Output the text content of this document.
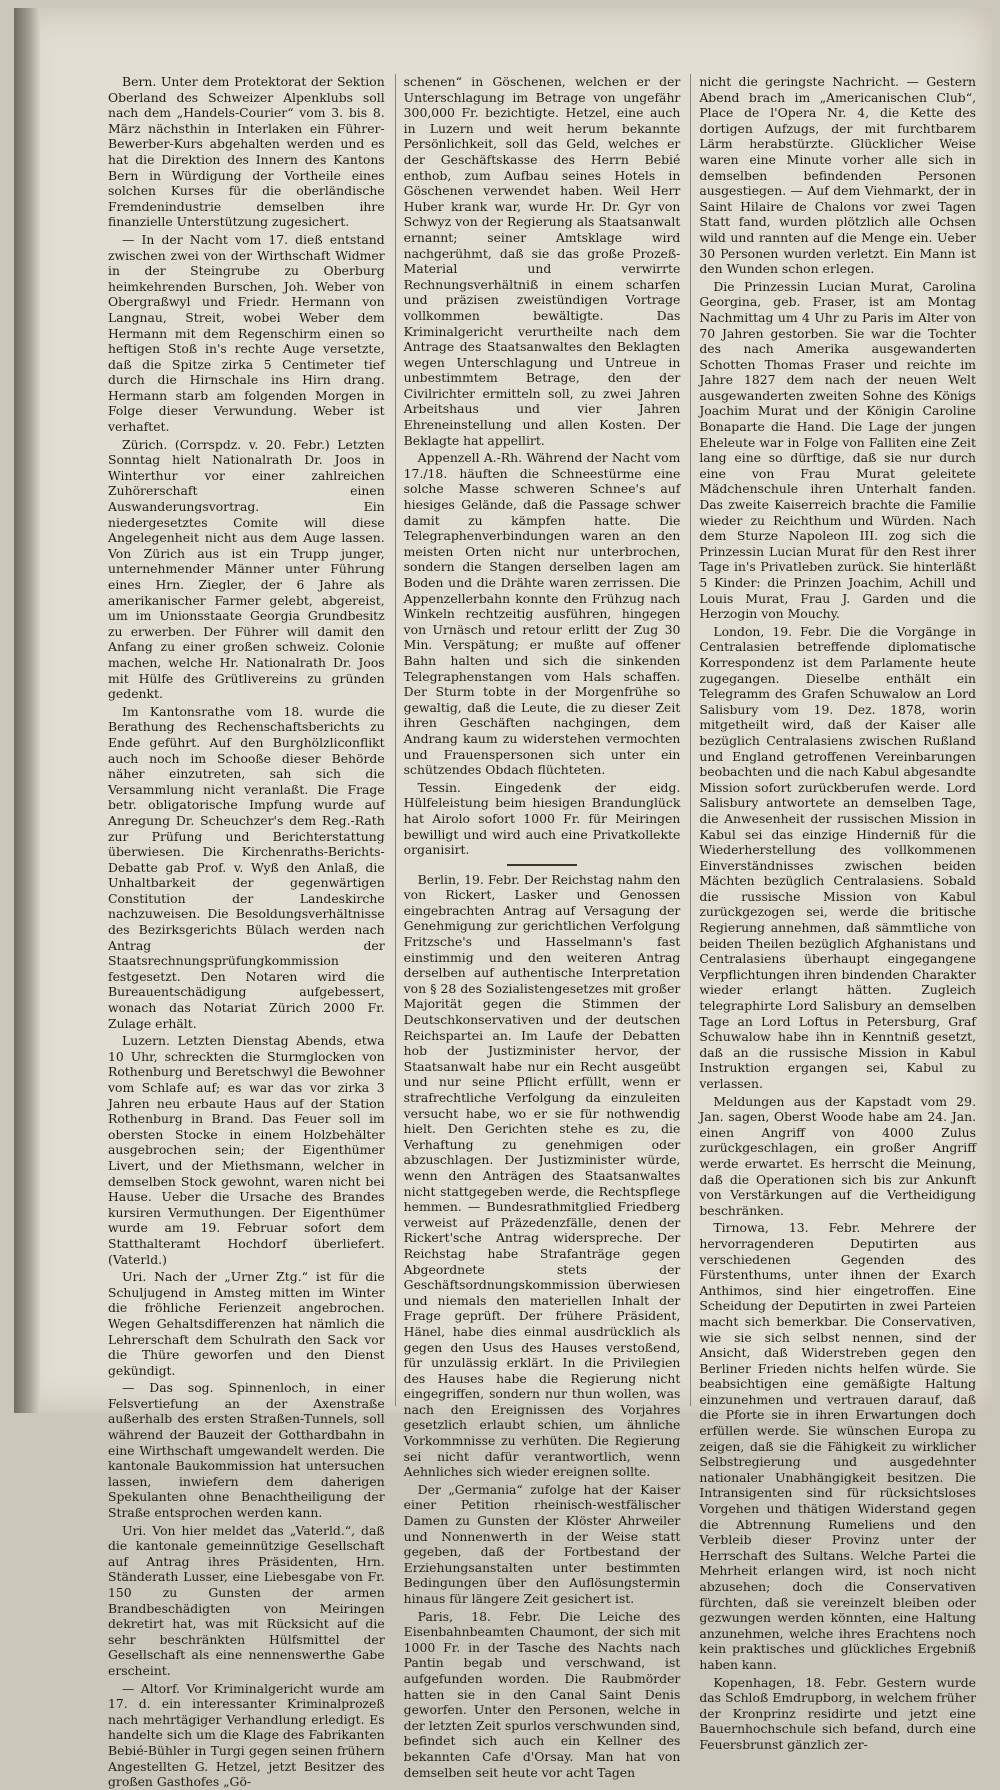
Bern. Unter dem Protektorat der Sektion Oberland des Schweizer Alpenklubs soll nach dem „Handels-Courier“ vom 3. bis 8. März nächsthin in Interlaken ein Führer-Bewerber-Kurs abgehalten werden und es hat die Direktion des Innern des Kantons Bern in Würdigung der Vortheile eines solchen Kurses für die oberländische Fremdenindustrie demselben ihre finanzielle Unterstützung zugesichert.

— In der Nacht vom 17. dieß entstand zwischen zwei von der Wirthschaft Widmer in der Steingrube zu Oberburg heimkehrenden Burschen, Joh. Weber von Obergraßwyl und Friedr. Hermann von Langnau, Streit, wobei Weber dem Hermann mit dem Regenschirm einen so heftigen Stoß in's rechte Auge versetzte, daß die Spitze zirka 5 Centimeter tief durch die Hirnschale ins Hirn drang. Hermann starb am folgenden Morgen in Folge dieser Verwundung. Weber ist verhaftet.

Zürich. (Corrspdz. v. 20. Febr.) Letzten Sonntag hielt Nationalrath Dr. Joos in Winterthur vor einer zahlreichen Zuhörerschaft einen Auswanderungsvortrag. Ein niedergesetztes Comite will diese Angelegenheit nicht aus dem Auge lassen. Von Zürich aus ist ein Trupp junger, unternehmender Männer unter Führung eines Hrn. Ziegler, der 6 Jahre als amerikanischer Farmer gelebt, abgereist, um im Unionsstaate Georgia Grundbesitz zu erwerben. Der Führer will damit den Anfang zu einer großen schweiz. Colonie machen, welche Hr. Nationalrath Dr. Joos mit Hülfe des Grütlivereins zu gründen gedenkt.

Im Kantonsrathe vom 18. wurde die Berathung des Rechenschaftsberichts zu Ende geführt. Auf den Burghölzliconflikt auch noch im Schooße dieser Behörde näher einzutreten, sah sich die Versammlung nicht veranlaßt. Die Frage betr. obligatorische Impfung wurde auf Anregung Dr. Scheuchzer's dem Reg.-Rath zur Prüfung und Berichterstattung überwiesen. Die Kirchenraths-Berichts-Debatte gab Prof. v. Wyß den Anlaß, die Unhaltbarkeit der gegenwärtigen Constitution der Landeskirche nachzuweisen. Die Besoldungsverhältnisse des Bezirksgerichts Bülach werden nach Antrag der Staatsrechnungsprüfungkommission festgesetzt. Den Notaren wird die Bureauentschädigung aufgebessert, wonach das Notariat Zürich 2000 Fr. Zulage erhält.

Luzern. Letzten Dienstag Abends, etwa 10 Uhr, schreckten die Sturmglocken von Rothenburg und Beretschwyl die Bewohner vom Schlafe auf; es war das vor zirka 3 Jahren neu erbaute Haus auf der Station Rothenburg in Brand. Das Feuer soll im obersten Stocke in einem Holzbehälter ausgebrochen sein; der Eigenthümer Livert, und der Miethsmann, welcher in demselben Stock gewohnt, waren nicht bei Hause. Ueber die Ursache des Brandes kursiren Vermuthungen. Der Eigenthümer wurde am 19. Februar sofort dem Statthalteramt Hochdorf überliefert. (Vaterld.)

Uri. Nach der „Urner Ztg.“ ist für die Schuljugend in Amsteg mitten im Winter die fröhliche Ferienzeit angebrochen. Wegen Gehaltsdifferenzen hat nämlich die Lehrerschaft dem Schulrath den Sack vor die Thüre geworfen und den Dienst gekündigt.

— Das sog. Spinnenloch, in einer Felsvertiefung an der Axenstraße außerhalb des ersten Straßen-Tunnels, soll während der Bauzeit der Gotthardbahn in eine Wirthschaft umgewandelt werden. Die kantonale Baukommission hat untersuchen lassen, inwiefern dem daherigen Spekulanten ohne Benachtheiligung der Straße entsprochen werden kann.

Uri. Von hier meldet das „Vaterld.“, daß die kantonale gemeinnützige Gesellschaft auf Antrag ihres Präsidenten, Hrn. Ständerath Lusser, eine Liebesgabe von Fr. 150 zu Gunsten der armen Brandbeschädigten von Meiringen dekretirt hat, was mit Rücksicht auf die sehr beschränkten Hülfsmittel der Gesellschaft als eine nennenswerthe Gabe erscheint.

— Altorf. Vor Kriminalgericht wurde am 17. d. ein interessanter Kriminalprozeß nach mehrtägiger Verhandlung erledigt. Es handelte sich um die Klage des Fabrikanten Bebié-Bühler in Turgi gegen seinen frühern Angestellten G. Hetzel, jetzt Besitzer des großen Gasthofes „Gö-

schenen“ in Göschenen, welchen er der Unterschlagung im Betrage von ungefähr 300,000 Fr. bezichtigte. Hetzel, eine auch in Luzern und weit herum bekannte Persönlichkeit, soll das Geld, welches er der Geschäftskasse des Herrn Bebié enthob, zum Aufbau seines Hotels in Göschenen verwendet haben. Weil Herr Huber krank war, wurde Hr. Dr. Gyr von Schwyz von der Regierung als Staatsanwalt ernannt; seiner Amtsklage wird nachgerühmt, daß sie das große Prozeß-Material und verwirrte Rechnungsverhältniß in einem scharfen und präzisen zweistündigen Vortrage vollkommen bewältigte. Das Kriminalgericht verurtheilte nach dem Antrage des Staatsanwaltes den Beklagten wegen Unterschlagung und Untreue in unbestimmtem Betrage, den der Civilrichter ermitteln soll, zu zwei Jahren Arbeitshaus und vier Jahren Ehreneinstellung und allen Kosten. Der Beklagte hat appellirt.

Appenzell A.-Rh. Während der Nacht vom 17./18. häuften die Schneestürme eine solche Masse schweren Schnee's auf hiesiges Gelände, daß die Passage schwer damit zu kämpfen hatte. Die Telegraphenverbindungen waren an den meisten Orten nicht nur unterbrochen, sondern die Stangen derselben lagen am Boden und die Drähte waren zerrissen. Die Appenzellerbahn konnte den Frühzug nach Winkeln rechtzeitig ausführen, hingegen von Urnäsch und retour erlitt der Zug 30 Min. Verspätung; er mußte auf offener Bahn halten und sich die sinkenden Telegraphenstangen vom Hals schaffen. Der Sturm tobte in der Morgenfrühe so gewaltig, daß die Leute, die zu dieser Zeit ihren Geschäften nachgingen, dem Andrang kaum zu widerstehen vermochten und Frauenspersonen sich unter ein schützendes Obdach flüchteten.

Tessin. Eingedenk der eidg. Hülfeleistung beim hiesigen Brandunglück hat Airolo sofort 1000 Fr. für Meiringen bewilligt und wird auch eine Privatkollekte organisirt.

Berlin, 19. Febr. Der Reichstag nahm den von Rickert, Lasker und Genossen eingebrachten Antrag auf Versagung der Genehmigung zur gerichtlichen Verfolgung Fritzsche's und Hasselmann's fast einstimmig und den weiteren Antrag derselben auf authentische Interpretation von § 28 des Sozialistengesetzes mit großer Majorität gegen die Stimmen der Deutschkonservativen und der deutschen Reichspartei an. Im Laufe der Debatten hob der Justizminister hervor, der Staatsanwalt habe nur ein Recht ausgeübt und nur seine Pflicht erfüllt, wenn er strafrechtliche Verfolgung da einzuleiten versucht habe, wo er sie für nothwendig hielt. Den Gerichten stehe es zu, die Verhaftung zu genehmigen oder abzuschlagen. Der Justizminister würde, wenn den Anträgen des Staatsanwaltes nicht stattgegeben werde, die Rechtspflege hemmen. — Bundesrathmitglied Friedberg verweist auf Präzedenzfälle, denen der Rickert'sche Antrag widerspreche. Der Reichstag habe Strafanträge gegen Abgeordnete stets der Geschäftsordnungskommission überwiesen und niemals den materiellen Inhalt der Frage geprüft. Der frühere Präsident, Hänel, habe dies einmal ausdrücklich als gegen den Usus des Hauses verstoßend, für unzulässig erklärt. In die Privilegien des Hauses habe die Regierung nicht eingegriffen, sondern nur thun wollen, was nach den Ereignissen des Vorjahres gesetzlich erlaubt schien, um ähnliche Vorkommnisse zu verhüten. Die Regierung sei nicht dafür verantwortlich, wenn Aehnliches sich wieder ereignen sollte.

Der „Germania“ zufolge hat der Kaiser einer Petition rheinisch-westfälischer Damen zu Gunsten der Klöster Ahrweiler und Nonnenwerth in der Weise statt gegeben, daß der Fortbestand der Erziehungsanstalten unter bestimmten Bedingungen über den Auflösungstermin hinaus für längere Zeit gesichert ist.

Paris, 18. Febr. Die Leiche des Eisenbahnbeamten Chaumont, der sich mit 1000 Fr. in der Tasche des Nachts nach Pantin begab und verschwand, ist aufgefunden worden. Die Raubmörder hatten sie in den Canal Saint Denis geworfen. Unter den Personen, welche in der letzten Zeit spurlos verschwunden sind, befindet sich auch ein Kellner des bekannten Cafe d'Orsay. Man hat von demselben seit heute vor acht Tagen

nicht die geringste Nachricht. — Gestern Abend brach im „Americanischen Club“, Place de l'Opera Nr. 4, die Kette des dortigen Aufzugs, der mit furchtbarem Lärm herabstürzte. Glücklicher Weise waren eine Minute vorher alle sich in demselben befindenden Personen ausgestiegen. — Auf dem Viehmarkt, der in Saint Hilaire de Chalons vor zwei Tagen Statt fand, wurden plötzlich alle Ochsen wild und rannten auf die Menge ein. Ueber 30 Personen wurden verletzt. Ein Mann ist den Wunden schon erlegen.

Die Prinzessin Lucian Murat, Carolina Georgina, geb. Fraser, ist am Montag Nachmittag um 4 Uhr zu Paris im Alter von 70 Jahren gestorben. Sie war die Tochter des nach Amerika ausgewanderten Schotten Thomas Fraser und reichte im Jahre 1827 dem nach der neuen Welt ausgewanderten zweiten Sohne des Königs Joachim Murat und der Königin Caroline Bonaparte die Hand. Die Lage der jungen Eheleute war in Folge von Falliten eine Zeit lang eine so dürftige, daß sie nur durch eine von Frau Murat geleitete Mädchenschule ihren Unterhalt fanden. Das zweite Kaiserreich brachte die Familie wieder zu Reichthum und Würden. Nach dem Sturze Napoleon III. zog sich die Prinzessin Lucian Murat für den Rest ihrer Tage in's Privatleben zurück. Sie hinterläßt 5 Kinder: die Prinzen Joachim, Achill und Louis Murat, Frau J. Garden und die Herzogin von Mouchy.

London, 19. Febr. Die die Vorgänge in Centralasien betreffende diplomatische Korrespondenz ist dem Parlamente heute zugegangen. Dieselbe enthält ein Telegramm des Grafen Schuwalow an Lord Salisbury vom 19. Dez. 1878, worin mitgetheilt wird, daß der Kaiser alle bezüglich Centralasiens zwischen Rußland und England getroffenen Vereinbarungen beobachten und die nach Kabul abgesandte Mission sofort zurückberufen werde. Lord Salisbury antwortete an demselben Tage, die Anwesenheit der russischen Mission in Kabul sei das einzige Hinderniß für die Wiederherstellung des vollkommenen Einverständnisses zwischen beiden Mächten bezüglich Centralasiens. Sobald die russische Mission von Kabul zurückgezogen sei, werde die britische Regierung annehmen, daß sämmtliche von beiden Theilen bezüglich Afghanistans und Centralasiens überhaupt eingegangene Verpflichtungen ihren bindenden Charakter wieder erlangt hätten. Zugleich telegraphirte Lord Salisbury an demselben Tage an Lord Loftus in Petersburg, Graf Schuwalow habe ihn in Kenntniß gesetzt, daß an die russische Mission in Kabul Instruktion ergangen sei, Kabul zu verlassen.

Meldungen aus der Kapstadt vom 29. Jan. sagen, Oberst Woode habe am 24. Jan. einen Angriff von 4000 Zulus zurückgeschlagen, ein großer Angriff werde erwartet. Es herrscht die Meinung, daß die Operationen sich bis zur Ankunft von Verstärkungen auf die Vertheidigung beschränken.

Tirnowa, 13. Febr. Mehrere der hervorragenderen Deputirten aus verschiedenen Gegenden des Fürstenthums, unter ihnen der Exarch Anthimos, sind hier eingetroffen. Eine Scheidung der Deputirten in zwei Parteien macht sich bemerkbar. Die Conservativen, wie sie sich selbst nennen, sind der Ansicht, daß Widerstreben gegen den Berliner Frieden nichts helfen würde. Sie beabsichtigen eine gemäßigte Haltung einzunehmen und vertrauen darauf, daß die Pforte sie in ihren Erwartungen doch erfüllen werde. Sie wünschen Europa zu zeigen, daß sie die Fähigkeit zu wirklicher Selbstregierung und ausgedehnter nationaler Unabhängigkeit besitzen. Die Intransigenten sind für rücksichtsloses Vorgehen und thätigen Widerstand gegen die Abtrennung Rumeliens und den Verbleib dieser Provinz unter der Herrschaft des Sultans. Welche Partei die Mehrheit erlangen wird, ist noch nicht abzusehen; doch die Conservativen fürchten, daß sie vereinzelt bleiben oder gezwungen werden könnten, eine Haltung anzunehmen, welche ihres Erachtens noch kein praktisches und glückliches Ergebniß haben kann.

Kopenhagen, 18. Febr. Gestern wurde das Schloß Emdrupborg, in welchem früher der Kronprinz residirte und jetzt eine Bauernhochschule sich befand, durch eine Feuersbrunst gänzlich zer-
